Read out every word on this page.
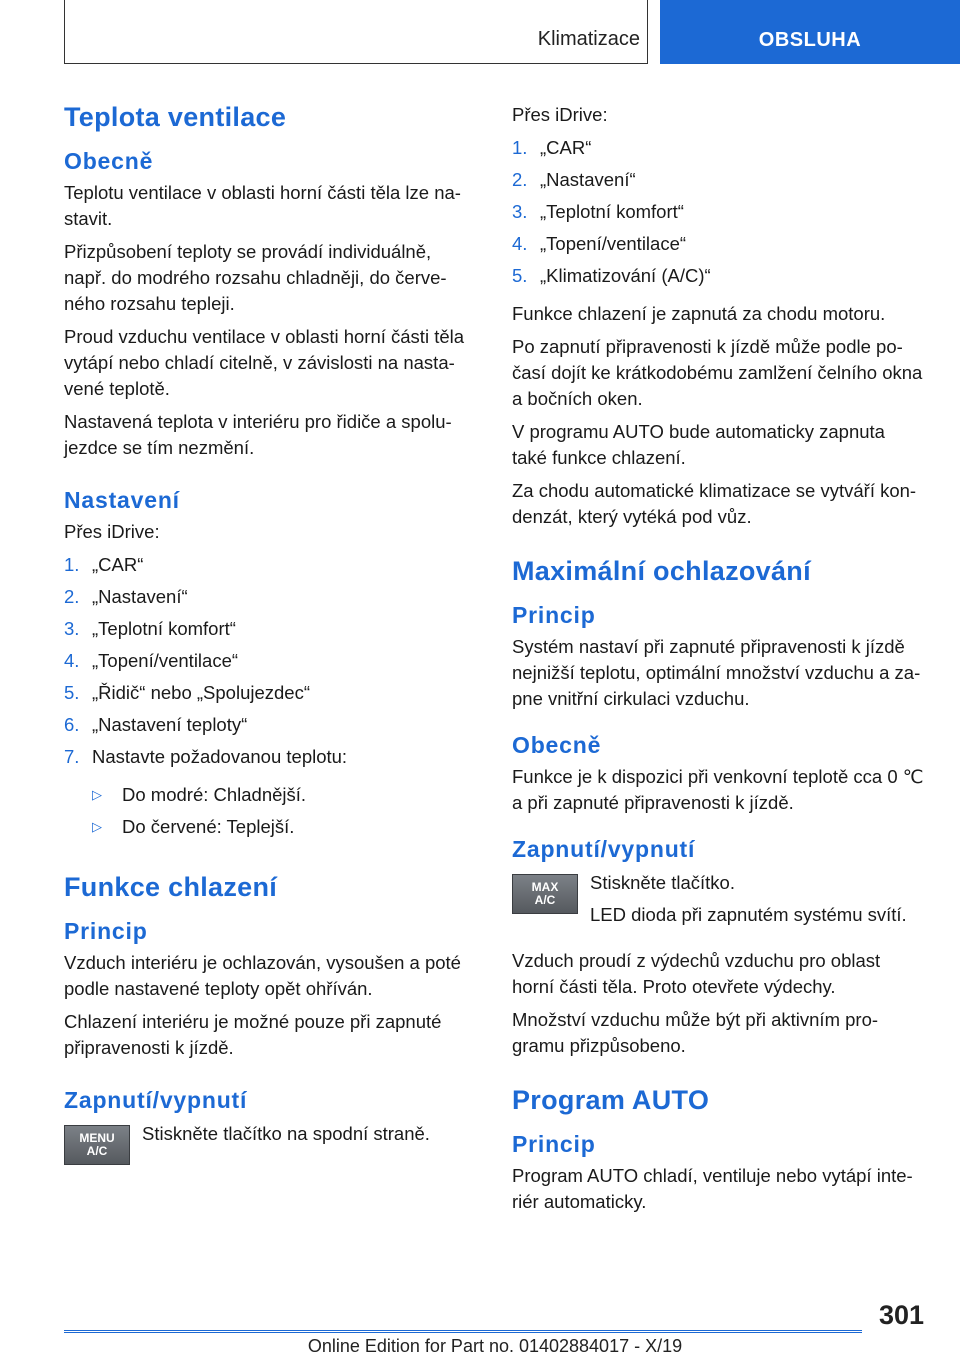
Klimatizace	OBSLUHA
Teplota ventilace
Obecně

Teplotu ventilace v oblasti horní části těla lze nastavit.

Přizpůsobení teploty se provádí individuálně, např. do modrého rozsahu chladněji, do červeného rozsahu tepleji.

Proud vzduchu ventilace v oblasti horní části těla vytápí nebo chladí citelně, v závislosti na nastavené teplotě.

Nastavená teplota v interiéru pro řidiče a spolujezdce se tím nezmění.

Nastavení

Přes iDrive:

1. „CAR“
2. „Nastavení“
3. „Teplotní komfort“
4. „Topení/ventilace“
5. „Řidič“ nebo „Spolujezdec“
6. „Nastavení teploty“
7. Nastavte požadovanou teplotu:
▷	Do modré: Chladnější.
▷	Do červené: Teplejší.
Funkce chlazení
Princip

Vzduch interiéru je ochlazován, vysoušen a poté podle nastavené teploty opět ohříván.

Chlazení interiéru je možné pouze při zapnuté připravenosti k jízdě.

Zapnutí/vypnutí
MENU
A/C

Stiskněte tlačítko na spodní straně.

Přes iDrive:

1. „CAR“
2. „Nastavení“
3. „Teplotní komfort“
4. „Topení/ventilace“
5. „Klimatizování (A/C)“

Funkce chlazení je zapnutá za chodu motoru.

Po zapnutí připravenosti k jízdě může podle počasí dojít ke krátkodobému zamlžení čelního okna a bočních oken.

V programu AUTO bude automaticky zapnuta také funkce chlazení.

Za chodu automatické klimatizace se vytváří kondenzát, který vytéká pod vůz.

Maximální ochlazování
Princip

Systém nastaví při zapnuté připravenosti k jízdě nejnižší teplotu, optimální množství vzduchu a zapne vnitřní cirkulaci vzduchu.

Obecně

Funkce je k dispozici při venkovní teplotě cca 0 ℃ a při zapnuté připravenosti k jízdě.

Zapnutí/vypnutí
MAX
A/C

Stiskněte tlačítko.

LED dioda při zapnutém systému svítí.

Vzduch proudí z výdechů vzduchu pro oblast horní části těla. Proto otevřete výdechy.

Množství vzduchu může být při aktivním programu přizpůsobeno.

Program AUTO
Princip

Program AUTO chladí, ventiluje nebo vytápí interiér automaticky.

301
Online Edition for Part no. 01402884017 - X/19
